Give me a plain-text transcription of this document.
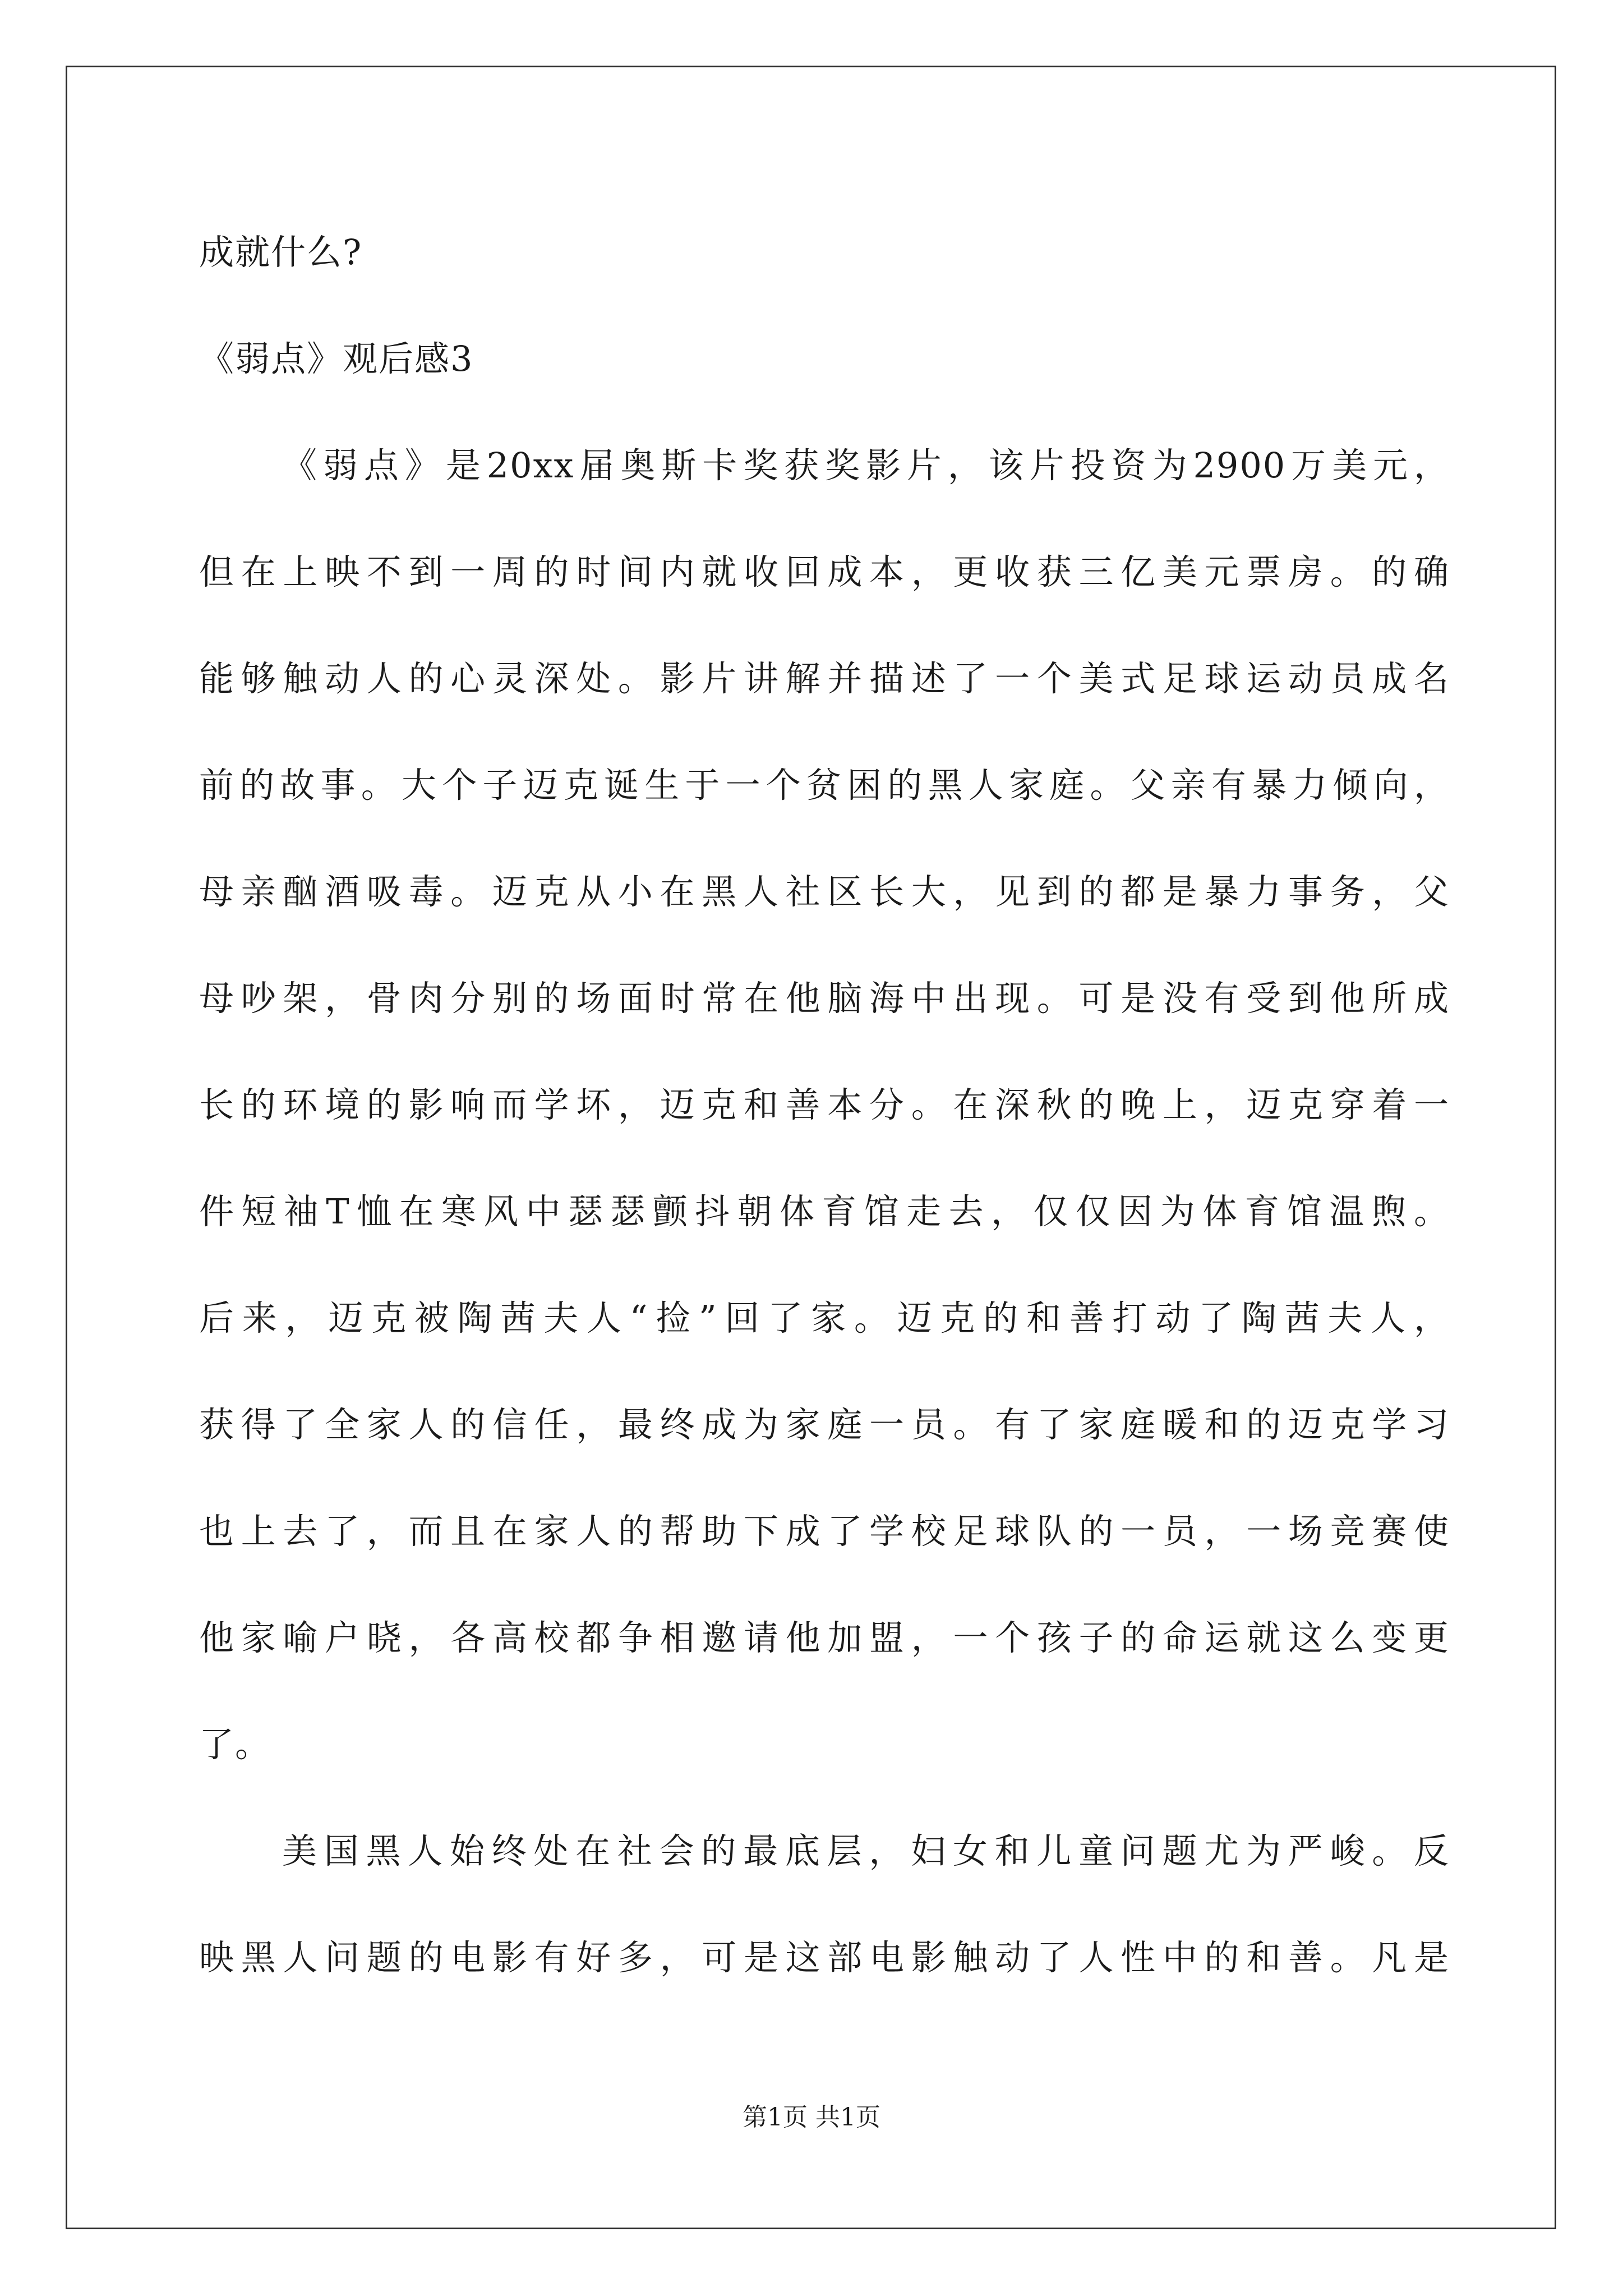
成就什么?
《弱点》观后感3
《弱点》是20xx届奥斯卡奖获奖影片，该片投资为2900万美元，
但在上映不到一周的时间内就收回成本，更收获三亿美元票房。的确
能够触动人的心灵深处。影片讲解并描述了一个美式足球运动员成名
前的故事。大个子迈克诞生于一个贫困的黑人家庭。父亲有暴力倾向，
母亲酗酒吸毒。迈克从小在黑人社区长大，见到的都是暴力事务，父
母吵架，骨肉分别的场面时常在他脑海中出现。可是没有受到他所成
长的环境的影响而学坏，迈克和善本分。在深秋的晚上，迈克穿着一
件短袖T恤在寒风中瑟瑟颤抖朝体育馆走去，仅仅因为体育馆温煦。
后来，迈克被陶茜夫人“捡”回了家。迈克的和善打动了陶茜夫人，
获得了全家人的信任，最终成为家庭一员。有了家庭暖和的迈克学习
也上去了，而且在家人的帮助下成了学校足球队的一员，一场竞赛使
他家喻户晓，各高校都争相邀请他加盟，一个孩子的命运就这么变更
了。
美国黑人始终处在社会的最底层，妇女和儿童问题尤为严峻。反
映黑人问题的电影有好多，可是这部电影触动了人性中的和善。凡是
第1页 共1页
